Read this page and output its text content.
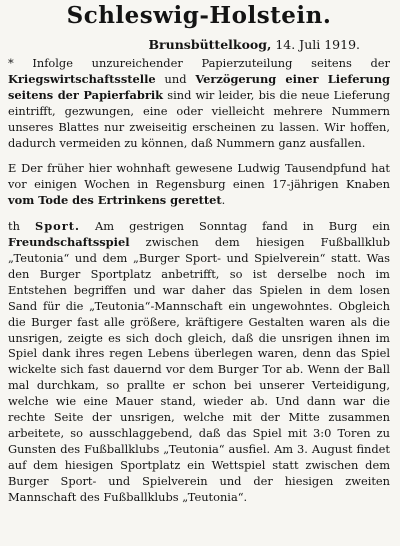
Schleswig-Holstein.
Brunsbüttelkoog, 14. Juli 1919.

* Infolge unzureichender Papierzuteilung seitens der Kriegswirtschaftsstelle und Verzögerung einer Lieferung seitens der Papierfabrik sind wir leider, bis die neue Lieferung eintrifft, gezwungen, eine oder vielleicht mehrere Nummern unseres Blattes nur zweiseitig erscheinen zu lassen. Wir hoffen, dadurch vermeiden zu können, daß Nummern ganz ausfallen.

E Der früher hier wohnhaft gewesene Ludwig Tausendpfund hat vor einigen Wochen in Regensburg einen 17-jährigen Knaben vom Tode des Ertrinkens gerettet.

th Sport. Am gestrigen Sonntag fand in Burg ein Freundschaftsspiel zwischen dem hiesigen Fußballklub „Teutonia“ und dem „Burger Sport- und Spielverein“ statt. Was den Burger Sportplatz anbetrifft, so ist derselbe noch im Entstehen begriffen und war daher das Spielen in dem losen Sand für die „Teutonia“-Mannschaft ein ungewohntes. Obgleich die Burger fast alle größere, kräftigere Gestalten waren als die unsrigen, zeigte es sich doch gleich, daß die unsrigen ihnen im Spiel dank ihres regen Lebens überlegen waren, denn das Spiel wickelte sich fast dauernd vor dem Burger Tor ab. Wenn der Ball mal durchkam, so prallte er schon bei unserer Verteidigung, welche wie eine Mauer stand, wieder ab. Und dann war die rechte Seite der unsrigen, welche mit der Mitte zusammen arbeitete, so ausschlaggebend, daß das Spiel mit 3:0 Toren zu Gunsten des Fußballklubs „Teutonia“ ausfiel. Am 3. August findet auf dem hiesigen Sportplatz ein Wettspiel statt zwischen dem Burger Sport- und Spielverein und der hiesigen zweiten Mannschaft des Fußballklubs „Teutonia“.
